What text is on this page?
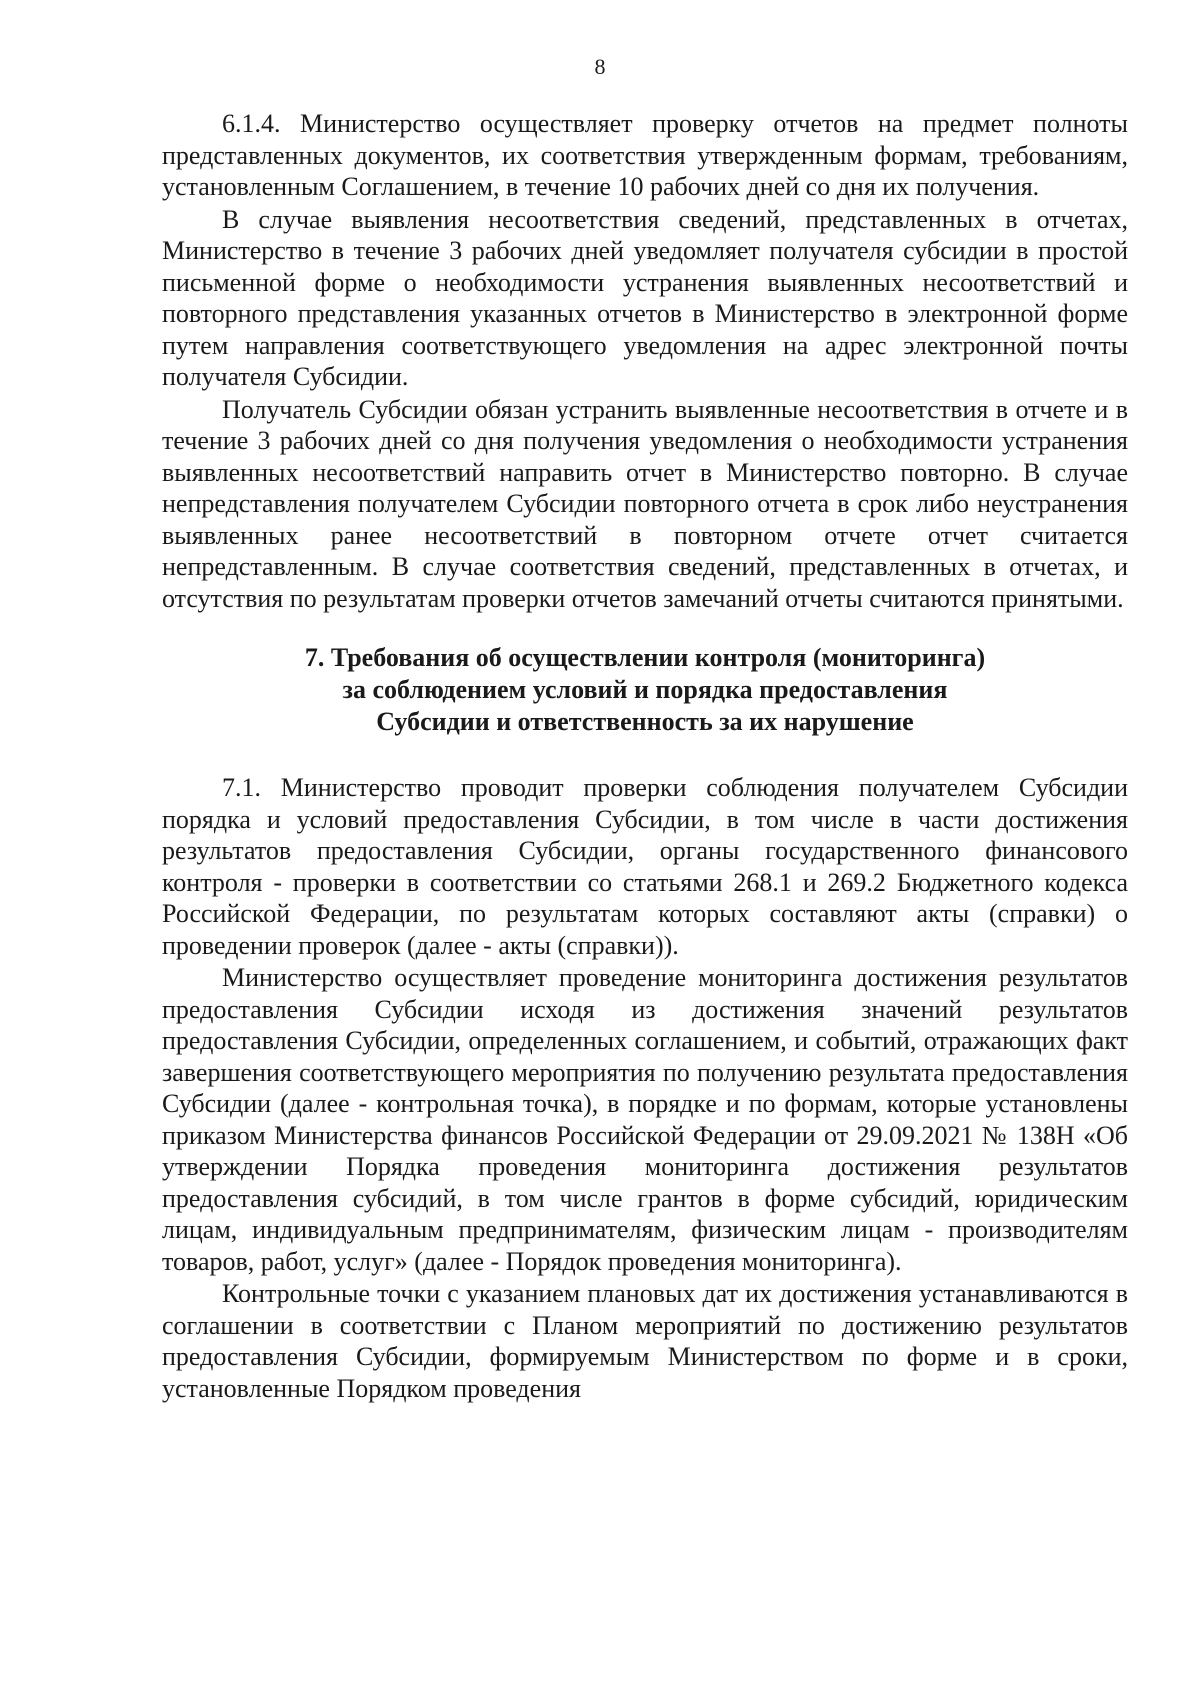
8

6.1.4. Министерство осуществляет проверку отчетов на предмет полноты представленных документов, их соответствия утвержденным формам, требованиям, установленным Соглашением, в течение 10 рабочих дней со дня их получения.

В случае выявления несоответствия сведений, представленных в отчетах, Министерство в течение 3 рабочих дней уведомляет получателя субсидии в простой письменной форме о необходимости устранения выявленных несоответствий и повторного представления указанных отчетов в Министерство в электронной форме путем направления соответствующего уведомления на адрес электронной почты получателя Субсидии.

Получатель Субсидии обязан устранить выявленные несоответствия в отчете и в течение 3 рабочих дней со дня получения уведомления о необходимости устранения выявленных несоответствий направить отчет в Министерство повторно. В случае непредставления получателем Субсидии повторного отчета в срок либо неустранения выявленных ранее несоответствий в повторном отчете отчет считается непредставленным. В случае соответствия сведений, представленных в отчетах, и отсутствия по результатам проверки отчетов замечаний отчеты считаются принятыми.

7. Требования об осуществлении контроля (мониторинга)
за соблюдением условий и порядка предоставления
Субсидии и ответственность за их нарушение

7.1. Министерство проводит проверки соблюдения получателем Субсидии порядка и условий предоставления Субсидии, в том числе в части достижения результатов предоставления Субсидии, органы государственного финансового контроля - проверки в соответствии со статьями 268.1 и 269.2 Бюджетного кодекса Российской Федерации, по результатам которых составляют акты (справки) о проведении проверок (далее - акты (справки)).

Министерство осуществляет проведение мониторинга достижения результатов предоставления Субсидии исходя из достижения значений результатов предоставления Субсидии, определенных соглашением, и событий, отражающих факт завершения соответствующего мероприятия по получению результата предоставления Субсидии (далее - контрольная точка), в порядке и по формам, которые установлены приказом Министерства финансов Российской Федерации от 29.09.2021 № 138Н «Об утверждении Порядка проведения мониторинга достижения результатов предоставления субсидий, в том числе грантов в форме субсидий, юридическим лицам, индивидуальным предпринимателям, физическим лицам - производителям товаров, работ, услуг» (далее - Порядок проведения мониторинга).

Контрольные точки с указанием плановых дат их достижения устанавливаются в соглашении в соответствии с Планом мероприятий по достижению результатов предоставления Субсидии, формируемым Министерством по форме и в сроки, установленные Порядком проведения
